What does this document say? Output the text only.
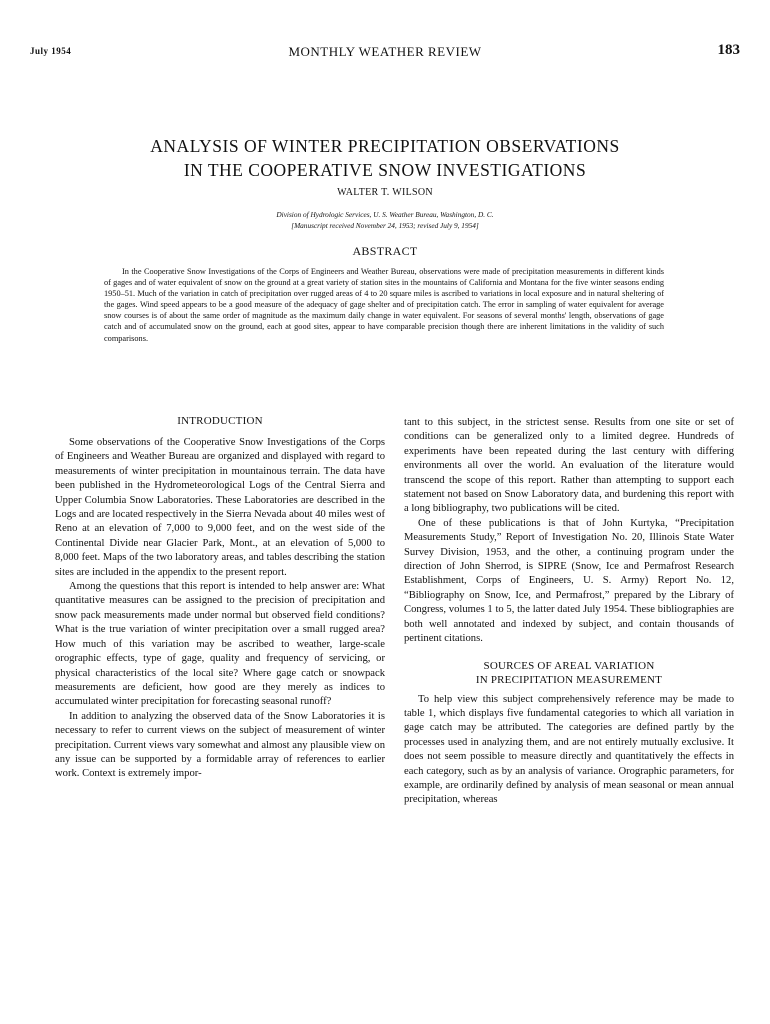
July 1954	MONTHLY WEATHER REVIEW	183
ANALYSIS OF WINTER PRECIPITATION OBSERVATIONS
IN THE COOPERATIVE SNOW INVESTIGATIONS
WALTER T. WILSON
Division of Hydrologic Services, U. S. Weather Bureau, Washington, D. C.
[Manuscript received November 24, 1953; revised July 9, 1954]
ABSTRACT

In the Cooperative Snow Investigations of the Corps of Engineers and Weather Bureau, observations were made of precipitation measurements in different kinds of gages and of water equivalent of snow on the ground at a great variety of station sites in the mountains of California and Montana for the five winter seasons ending 1950–51. Much of the variation in catch of precipitation over rugged areas of 4 to 20 square miles is ascribed to variations in local exposure and in natural sheltering of the gages. Wind speed appears to be a good measure of the adequacy of gage shelter and of precipitation catch. The error in sampling of water equivalent for average snow courses is of about the same order of magnitude as the maximum daily change in water equivalent. For seasons of several months' length, observations of gage catch and of accumulated snow on the ground, each at good sites, appear to have comparable precision though there are inherent limitations in the validity of such comparisons.

INTRODUCTION

Some observations of the Cooperative Snow Investigations of the Corps of Engineers and Weather Bureau are organized and displayed with regard to measurements of winter precipitation in mountainous terrain. The data have been published in the Hydrometeorological Logs of the Central Sierra and Upper Columbia Snow Laboratories. These Laboratories are described in the Logs and are located respectively in the Sierra Nevada about 40 miles west of Reno at an elevation of 7,000 to 9,000 feet, and on the west side of the Continental Divide near Glacier Park, Mont., at an elevation of 5,000 to 8,000 feet. Maps of the two laboratory areas, and tables describing the station sites are included in the appendix to the present report.

Among the questions that this report is intended to help answer are: What quantitative measures can be assigned to the precision of precipitation and snow pack measurements made under normal but observed field conditions? What is the true variation of winter precipitation over a small rugged area? How much of this variation may be ascribed to weather, large-scale orographic effects, type of gage, quality and frequency of servicing, or physical characteristics of the local site? Where gage catch or snowpack measurements are deficient, how good are they merely as indices to accumulated winter precipitation for forecasting seasonal runoff?

In addition to analyzing the observed data of the Snow Laboratories it is necessary to refer to current views on the subject of measurement of winter precipitation. Current views vary somewhat and almost any plausible view on any issue can be supported by a formidable array of references to earlier work. Context is extremely impor-

tant to this subject, in the strictest sense. Results from one site or set of conditions can be generalized only to a limited degree. Hundreds of experiments have been repeated during the last century with differing environments all over the world. An evaluation of the literature would transcend the scope of this report. Rather than attempting to support each statement not based on Snow Laboratory data, and burdening this report with a long bibliography, two publications will be cited.

One of these publications is that of John Kurtyka, “Precipitation Measurements Study,” Report of Investigation No. 20, Illinois State Water Survey Division, 1953, and the other, a continuing program under the direction of John Sherrod, is SIPRE (Snow, Ice and Permafrost Research Establishment, Corps of Engineers, U. S. Army) Report No. 12, “Bibliography on Snow, Ice, and Permafrost,” prepared by the Library of Congress, volumes 1 to 5, the latter dated July 1954. These bibliographies are both well annotated and indexed by subject, and contain thousands of pertinent citations.

SOURCES OF AREAL VARIATION
IN PRECIPITATION MEASUREMENT

To help view this subject comprehensively reference may be made to table 1, which displays five fundamental categories to which all variation in gage catch may be attributed. The categories are defined partly by the processes used in analyzing them, and are not entirely mutually exclusive. It does not seem possible to measure directly and quantitatively the effects in each category, such as by an analysis of variance. Orographic parameters, for example, are ordinarily defined by analysis of mean seasonal or mean annual precipitation, whereas
